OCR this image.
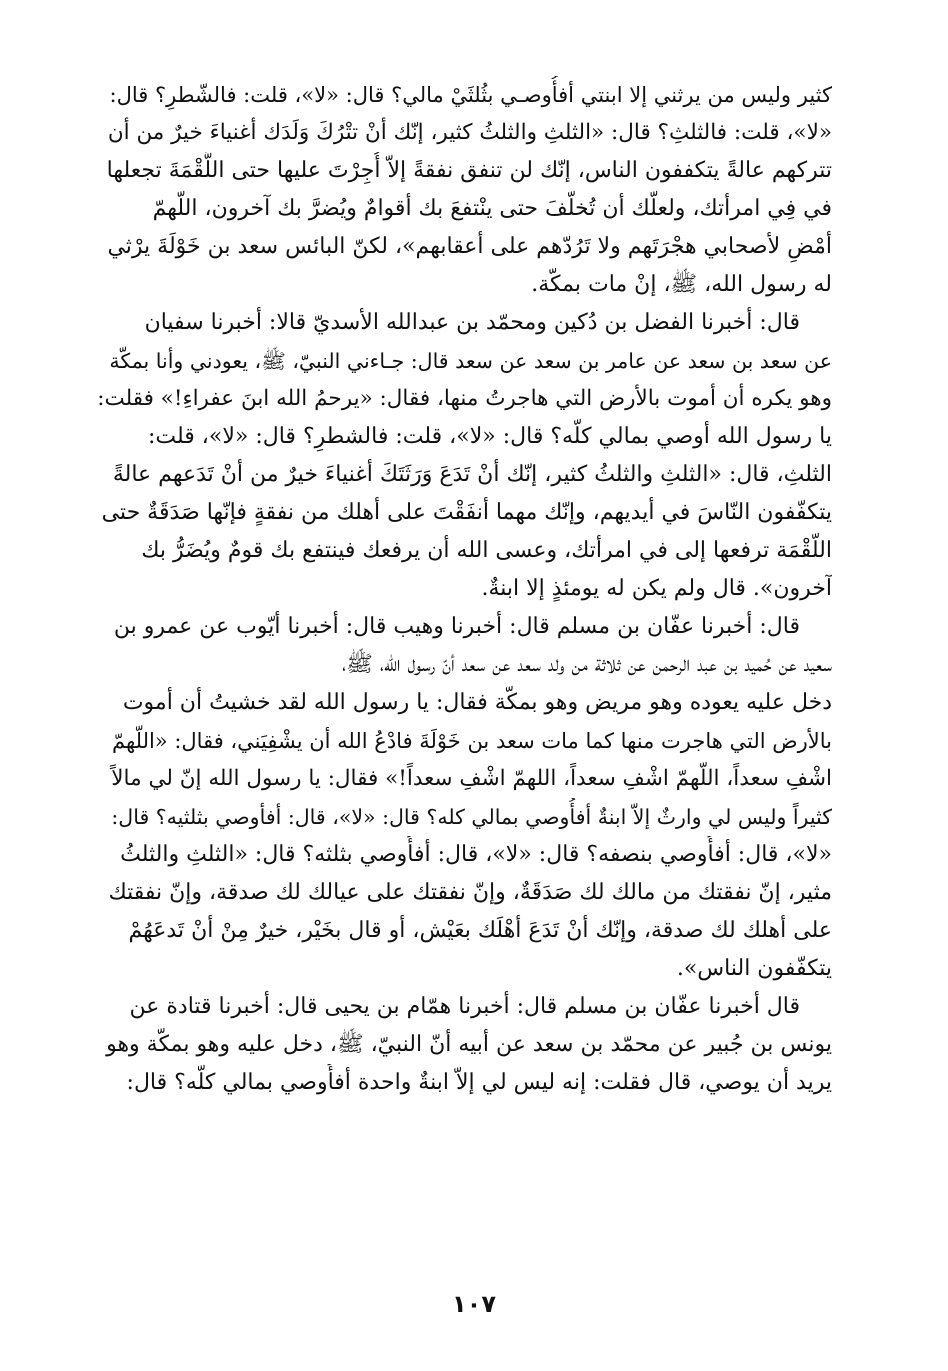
كثير وليس من يرثني إلا ابنتي أفأُوصـي بثُلثَيْ مالي؟ قال: «لا»، قلت: فالشّطرِ؟ قال:
«لا»، قلت: فالثلثِ؟ قال: «الثلثِ والثلثُ كثير، إنّك أنْ تتْرُكَ وَلَدَك أغنياءَ خيرٌ من أن
تتركهم عالةً يتكففون الناس، إنّك لن تنفق نفقةً إلاّ أُجِرْتَ عليها حتى اللُّقْمَةَ تجعلها
في فِي امرأتك، ولعلّك أن تُخلّفَ حتى ينْتفعَ بك أقوامٌ ويُضرَّ بك آخرون، اللّهمّ
أمْضِ لأصحابي هجْرَتَهم ولا تَرُدّهم على أعقابهم»، لكنّ البائس سعد بن خَوْلَةَ يرْثي
له رسول الله، ﷺ، إنْ مات بمكّة.
قال: أخبرنا الفضل بن دُكين ومحمّد بن عبدالله الأسديّ قالا: أخبرنا سفيان
عن سعد بن سعد عن عامر بن سعد عن سعد قال: جـاءني النبيّ، ﷺ، يعودني وأنا بمكّة
وهو يكره أن أموت بالأرض التي هاجرتُ منها، فقال: «يرحمُ الله ابنَ عفراءِ!» فقلت:
يا رسول الله أوصي بمالي كلّه؟ قال: «لا»، قلت: فالشطرِ؟ قال: «لا»، قلت:
الثلثِ، قال: «الثلثِ والثلثُ كثير، إنّك أنْ تَدَعَ وَرَثَتَكَ أغنياءَ خيرٌ من أنْ تَدَعهم عالةً
يتكفّفون النّاسَ في أيديهم، وإنّك مهما أنفَقْتَ على أهلك من نفقةٍ فإنّها صَدَقَةٌ حتى
اللّقْمَة ترفعها إلى في امرأتك، وعسى الله أن يرفعك فينتفع بك قومٌ ويُضَرُّ بك
آخرون». قال ولم يكن له يومئذٍ إلا ابنةٌ.
قال: أخبرنا عفّان بن مسلم قال: أخبرنا وهيب قال: أخبرنا أيّوب عن عمرو بن
سعيد عن حُميد بن عبد الرحمن عن ثلاثة من ولد سعد عن سعد أنّ رسول الله، ﷺ،
دخل عليه يعوده وهو مريض وهو بمكّة فقال: يا رسول الله لقد خشيتُ أن أموت
بالأرض التي هاجرت منها كما مات سعد بن خَوْلَةَ فادْعُ الله أن يشْفِيَني، فقال: «اللّهمّ
اشْفِ سعداً، اللّهمّ اشْفِ سعداً، اللهمّ اشْفِ سعداً!» فقال: يا رسول الله إنّ لي مالاً
كثيراً وليس لي وارثٌ إلاّ ابنةٌ أفأُوصي بمالي كله؟ قال: «لا»، قال: أفأوصي بثلثيه؟ قال:
«لا»، قال: أفأُوصي بنصفه؟ قال: «لا»، قال: أفأُوصي بثلثه؟ قال: «الثلثِ والثلثُ
مثير، إنّ نفقتك من مالك لك صَدَقَةٌ، وإنّ نفقتك على عيالك لك صدقة، وإنّ نفقتك
على أهلك لك صدقة، وإنّك أنْ تَدَعَ أهْلَك بعَيْش، أو قال بخَيْر، خيرٌ مِنْ أنْ تَدعَهُمْ
يتكفّفون الناس».
قال أخبرنا عفّان بن مسلم قال: أخبرنا همّام بن يحيى قال: أخبرنا قتادة عن
يونس بن جُبير عن محمّد بن سعد عن أبيه أنّ النبيّ، ﷺ، دخل عليه وهو بمكّة وهو
يريد أن يوصي، قال فقلت: إنه ليس لي إلاّ ابنةٌ واحدة أفأُوصي بمالي كلّه؟ قال:
١٠٧
